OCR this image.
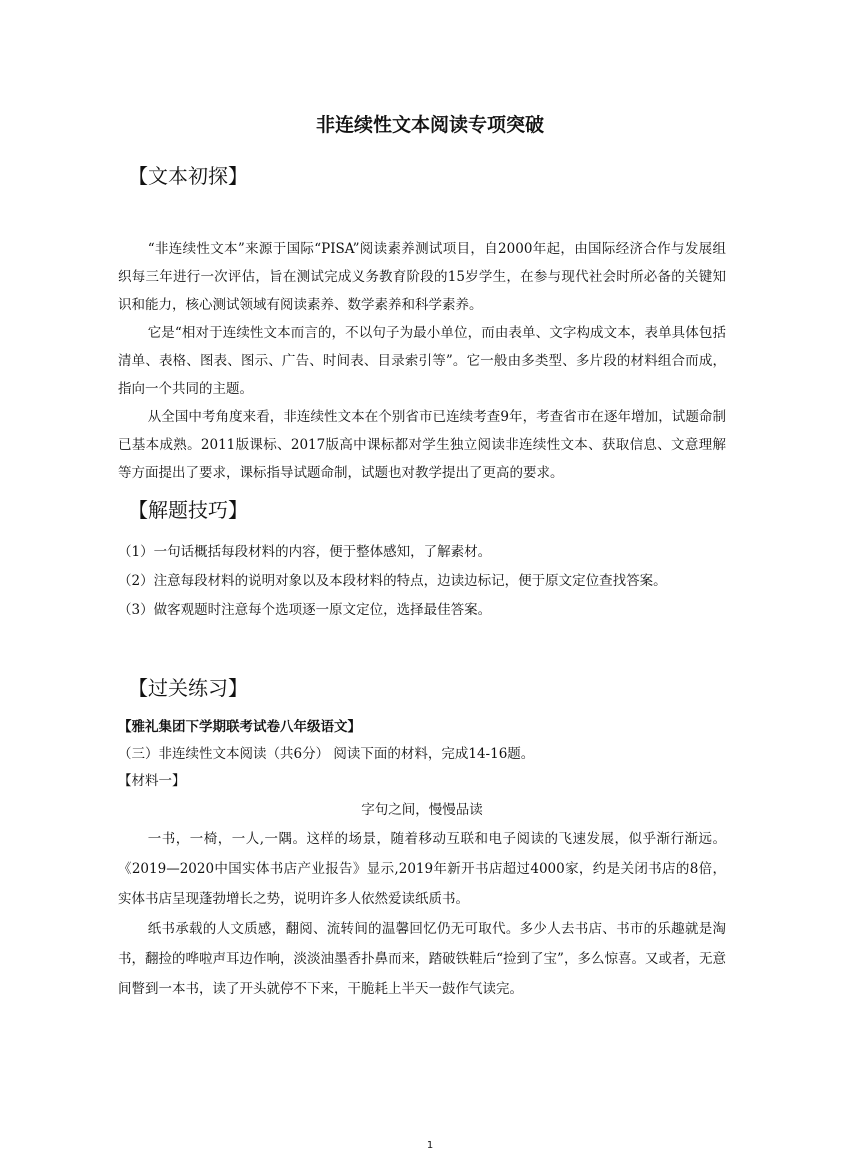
非连续性文本阅读专项突破
【文本初探】

“非连续性文本”来源于国际“PISA”阅读素养测试项目，自2000年起，由国际经济合作与发展组织每三年进行一次评估，旨在测试完成义务教育阶段的15岁学生，在参与现代社会时所必备的关键知识和能力，核心测试领域有阅读素养、数学素养和科学素养。

它是“相对于连续性文本而言的，不以句子为最小单位，而由表单、文字构成文本，表单具体包括清单、表格、图表、图示、广告、时间表、目录索引等”。它一般由多类型、多片段的材料组合而成，指向一个共同的主题。

从全国中考角度来看，非连续性文本在个别省市已连续考查9年，考查省市在逐年增加，试题命制已基本成熟。2011版课标、2017版高中课标都对学生独立阅读非连续性文本、获取信息、文意理解等方面提出了要求，课标指导试题命制，试题也对教学提出了更高的要求。

【解题技巧】
（1）一句话概括每段材料的内容，便于整体感知，了解素材。
（2）注意每段材料的说明对象以及本段材料的特点，边读边标记，便于原文定位查找答案。
（3）做客观题时注意每个选项逐一原文定位，选择最佳答案。
【过关练习】
【雅礼集团下学期联考试卷八年级语文】
（三）非连续性文本阅读（共6分） 阅读下面的材料，完成14-16题。
【材料一】
字句之间，慢慢品读

一书，一椅，一人,一隅。这样的场景，随着移动互联和电子阅读的飞速发展，似乎渐行渐远。《2019—2020中国实体书店产业报告》显示,2019年新开书店超过4000家，约是关闭书店的8倍，实体书店呈现蓬勃增长之势，说明许多人依然爱读纸质书。

纸书承载的人文质感，翻阅、流转间的温馨回忆仍无可取代。多少人去书店、书市的乐趣就是淘书，翻捡的哗啦声耳边作响，淡淡油墨香扑鼻而来，踏破铁鞋后“捡到了宝”，多么惊喜。又或者，无意间瞥到一本书，读了开头就停不下来，干脆耗上半天一鼓作气读完。

1
